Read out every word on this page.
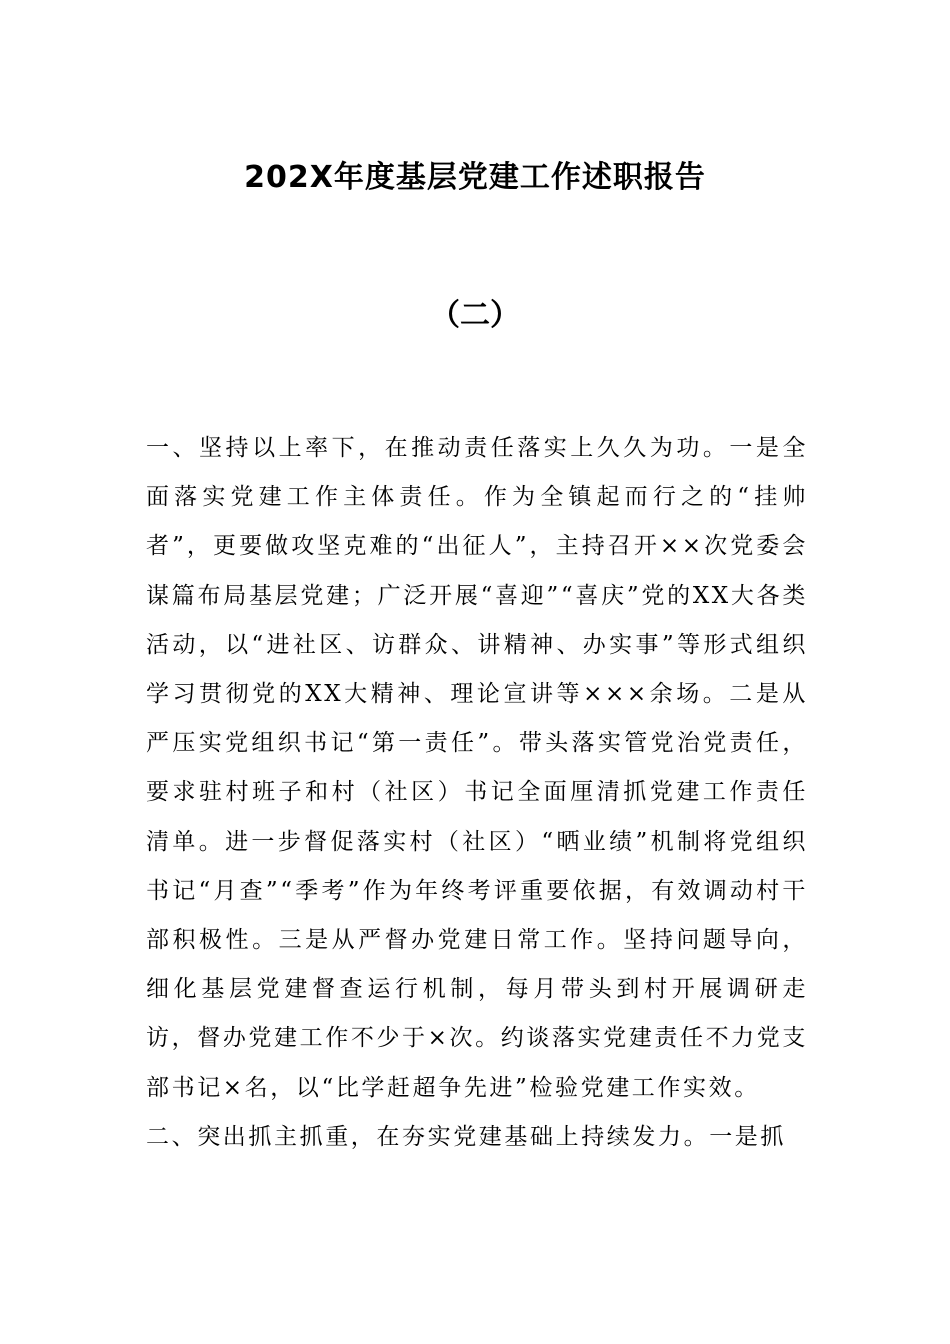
202X年度基层党建工作述职报告
（二）

一、坚持以上率下，在推动责任落实上久久为功。一是全面落实党建工作主体责任。作为全镇起而行之的“挂帅者”，更要做攻坚克难的“出征人”，主持召开××次党委会谋篇布局基层党建；广泛开展“喜迎”“喜庆”党的XX大各类活动，以“进社区、访群众、讲精神、办实事”等形式组织学习贯彻党的XX大精神、理论宣讲等×××余场。二是从严压实党组织书记“第一责任”。带头落实管党治党责任，要求驻村班子和村（社区）书记全面厘清抓党建工作责任清单。进一步督促落实村（社区）“晒业绩”机制将党组织书记“月查”“季考”作为年终考评重要依据，有效调动村干部积极性。三是从严督办党建日常工作。坚持问题导向，细化基层党建督查运行机制，每月带头到村开展调研走访，督办党建工作不少于×次。约谈落实党建责任不力党支部书记×名，以“比学赶超争先进”检验党建工作实效。

二、突出抓主抓重，在夯实党建基础上持续发力。一是抓
